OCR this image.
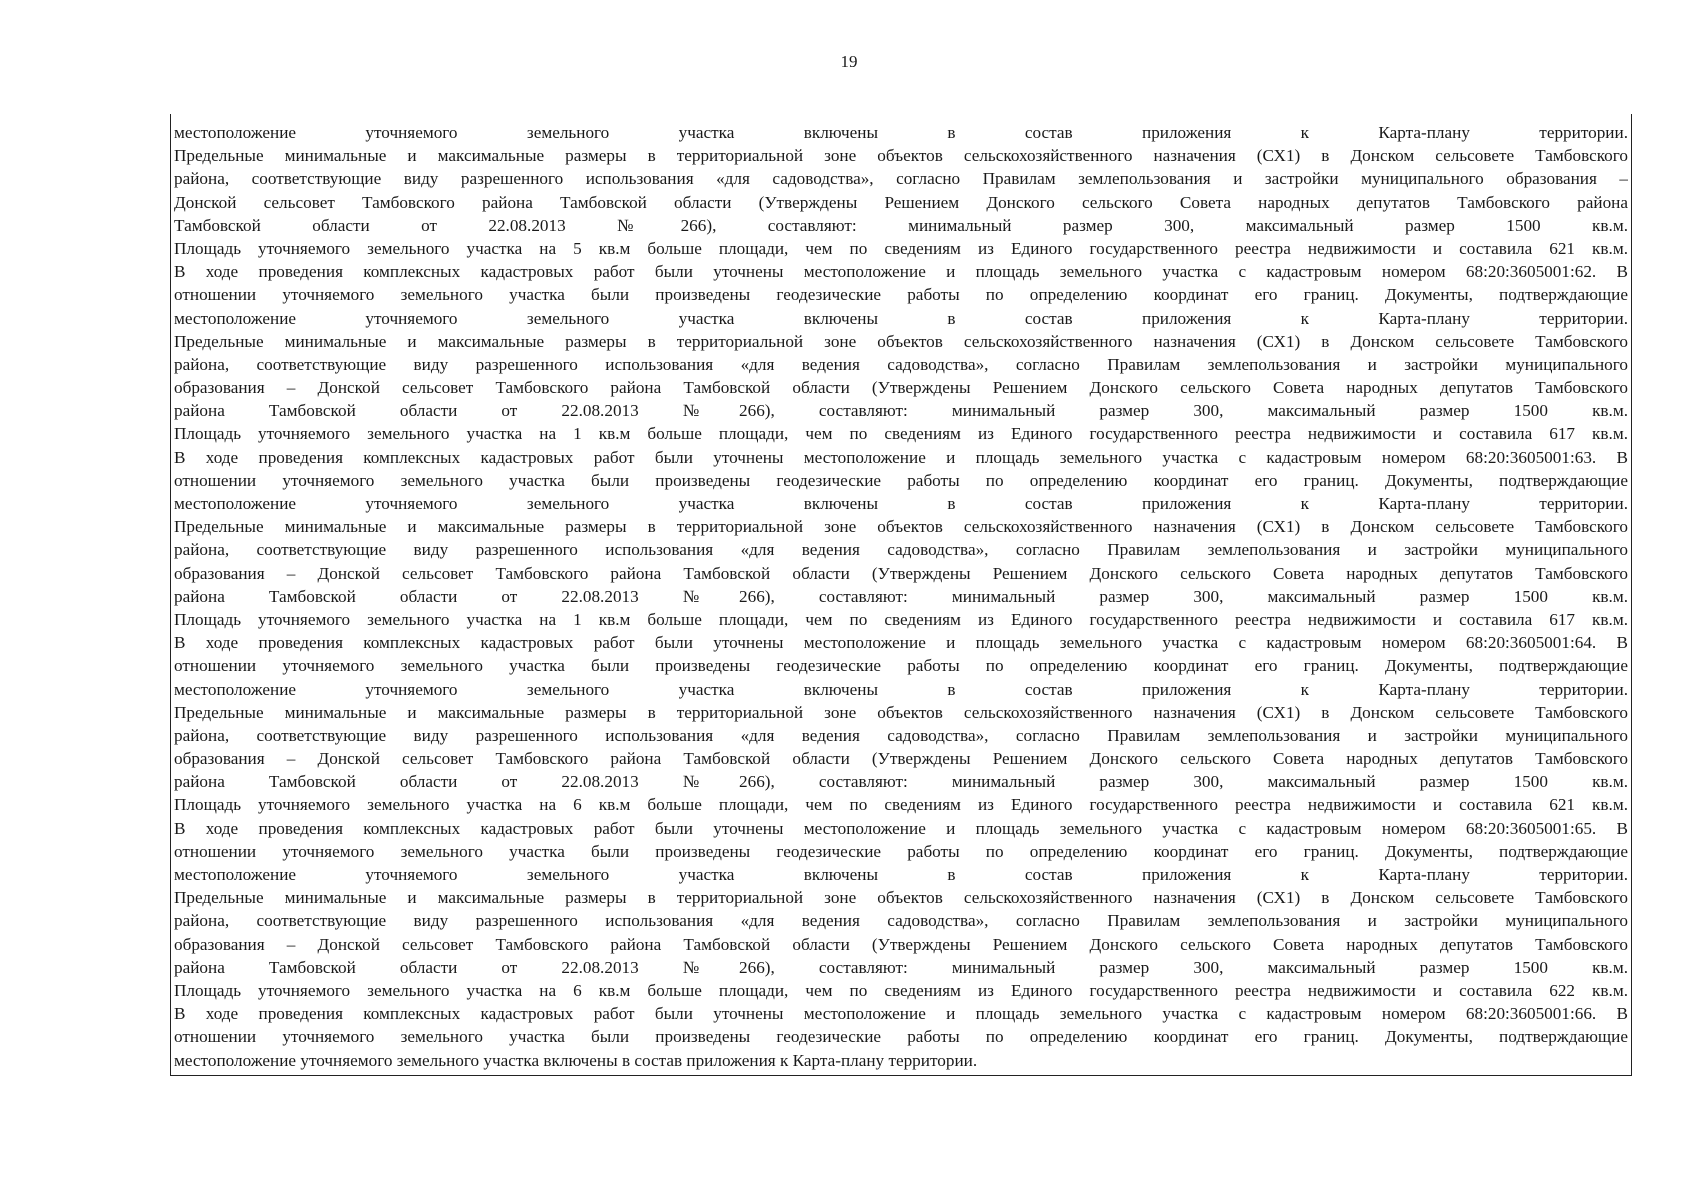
19
местоположение уточняемого земельного участка включены в состав приложения к Карта-плану территории.
Предельные минимальные и максимальные размеры в территориальной зоне объектов сельскохозяйственного назначения (СХ1) в Донском сельсовете Тамбовского
района, соответствующие виду разрешенного использования «для садоводства», согласно Правилам землепользования и застройки муниципального образования –
Донской сельсовет Тамбовского района Тамбовской области (Утверждены Решением Донского сельского Совета народных депутатов Тамбовского района
Тамбовской области от 22.08.2013 №266), составляют: минимальный размер 300, максимальный размер 1500 кв.м.
Площадь уточняемого земельного участка на 5 кв.м больше площади, чем по сведениям из Единого государственного реестра недвижимости и составила 621 кв.м.
В ходе проведения комплексных кадастровых работ были уточнены местоположение и площадь земельного участка с кадастровым номером 68:20:3605001:62. В
отношении уточняемого земельного участка были произведены геодезические работы по определению координат его границ. Документы, подтверждающие
местоположение уточняемого земельного участка включены в состав приложения к Карта-плану территории.
Предельные минимальные и максимальные размеры в территориальной зоне объектов сельскохозяйственного назначения (СХ1) в Донском сельсовете Тамбовского
района, соответствующие виду разрешенного использования «для ведения садоводства», согласно Правилам землепользования и застройки муниципального
образования – Донской сельсовет Тамбовского района Тамбовской области (Утверждены Решением Донского сельского Совета народных депутатов Тамбовского
района Тамбовской области от 22.08.2013 №266), составляют: минимальный размер 300, максимальный размер 1500 кв.м.
Площадь уточняемого земельного участка на 1 кв.м больше площади, чем по сведениям из Единого государственного реестра недвижимости и составила 617 кв.м.
В ходе проведения комплексных кадастровых работ были уточнены местоположение и площадь земельного участка с кадастровым номером 68:20:3605001:63. В
отношении уточняемого земельного участка были произведены геодезические работы по определению координат его границ. Документы, подтверждающие
местоположение уточняемого земельного участка включены в состав приложения к Карта-плану территории.
Предельные минимальные и максимальные размеры в территориальной зоне объектов сельскохозяйственного назначения (СХ1) в Донском сельсовете Тамбовского
района, соответствующие виду разрешенного использования «для ведения садоводства», согласно Правилам землепользования и застройки муниципального
образования – Донской сельсовет Тамбовского района Тамбовской области (Утверждены Решением Донского сельского Совета народных депутатов Тамбовского
района Тамбовской области от 22.08.2013 №266), составляют: минимальный размер 300, максимальный размер 1500 кв.м.
Площадь уточняемого земельного участка на 1 кв.м больше площади, чем по сведениям из Единого государственного реестра недвижимости и составила 617 кв.м.
В ходе проведения комплексных кадастровых работ были уточнены местоположение и площадь земельного участка с кадастровым номером 68:20:3605001:64. В
отношении уточняемого земельного участка были произведены геодезические работы по определению координат его границ. Документы, подтверждающие
местоположение уточняемого земельного участка включены в состав приложения к Карта-плану территории.
Предельные минимальные и максимальные размеры в территориальной зоне объектов сельскохозяйственного назначения (СХ1) в Донском сельсовете Тамбовского
района, соответствующие виду разрешенного использования «для ведения садоводства», согласно Правилам землепользования и застройки муниципального
образования – Донской сельсовет Тамбовского района Тамбовской области (Утверждены Решением Донского сельского Совета народных депутатов Тамбовского
района Тамбовской области от 22.08.2013 №266), составляют: минимальный размер 300, максимальный размер 1500 кв.м.
Площадь уточняемого земельного участка на 6 кв.м больше площади, чем по сведениям из Единого государственного реестра недвижимости и составила 621 кв.м.
В ходе проведения комплексных кадастровых работ были уточнены местоположение и площадь земельного участка с кадастровым номером 68:20:3605001:65. В
отношении уточняемого земельного участка были произведены геодезические работы по определению координат его границ. Документы, подтверждающие
местоположение уточняемого земельного участка включены в состав приложения к Карта-плану территории.
Предельные минимальные и максимальные размеры в территориальной зоне объектов сельскохозяйственного назначения (СХ1) в Донском сельсовете Тамбовского
района, соответствующие виду разрешенного использования «для ведения садоводства», согласно Правилам землепользования и застройки муниципального
образования – Донской сельсовет Тамбовского района Тамбовской области (Утверждены Решением Донского сельского Совета народных депутатов Тамбовского
района Тамбовской области от 22.08.2013 №266), составляют: минимальный размер 300, максимальный размер 1500 кв.м.
Площадь уточняемого земельного участка на 6 кв.м больше площади, чем по сведениям из Единого государственного реестра недвижимости и составила 622 кв.м.
В ходе проведения комплексных кадастровых работ были уточнены местоположение и площадь земельного участка с кадастровым номером 68:20:3605001:66. В
отношении уточняемого земельного участка были произведены геодезические работы по определению координат его границ. Документы, подтверждающие
местоположение уточняемого земельного участка включены в состав приложения к Карта-плану территории.
